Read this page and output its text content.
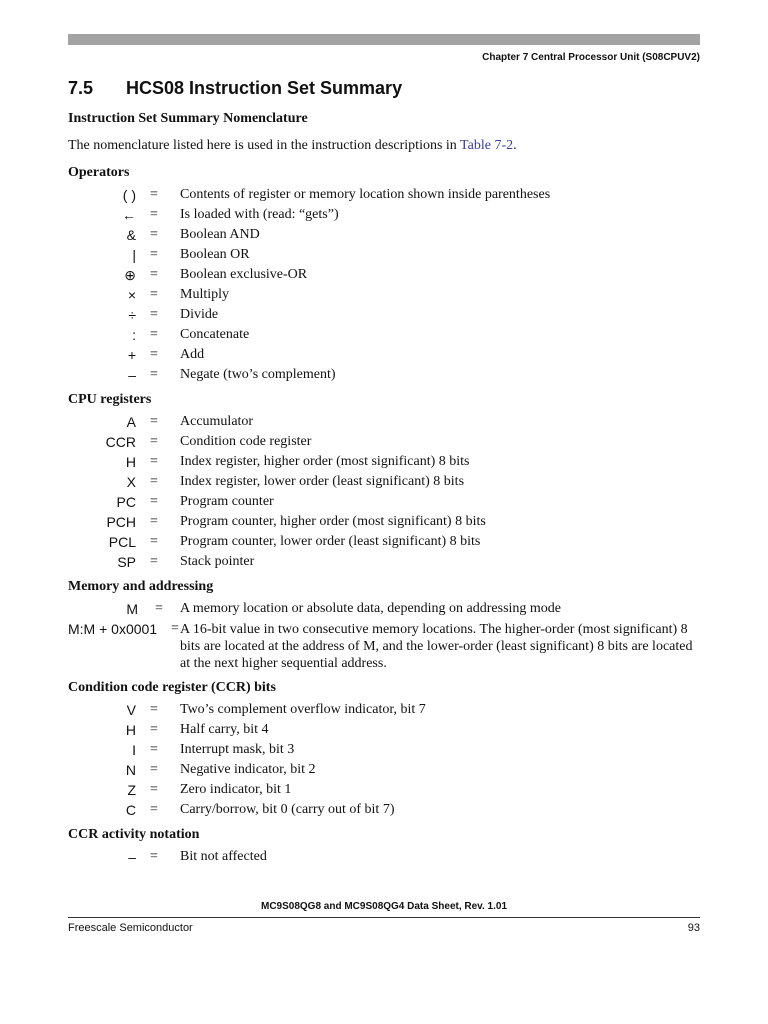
Chapter 7 Central Processor Unit (S08CPUV2)
7.5 HCS08 Instruction Set Summary
Instruction Set Summary Nomenclature
The nomenclature listed here is used in the instruction descriptions in Table 7-2.
Operators
( )	=	Contents of register or memory location shown inside parentheses
←	=	Is loaded with (read: “gets”)
&	=	Boolean AND
|	=	Boolean OR
⊕	=	Boolean exclusive-OR
×	=	Multiply
÷	=	Divide
:	=	Concatenate
+	=	Add
–	=	Negate (two’s complement)
CPU registers
A	=	Accumulator
CCR	=	Condition code register
H	=	Index register, higher order (most significant) 8 bits
X	=	Index register, lower order (least significant) 8 bits
PC	=	Program counter
PCH	=	Program counter, higher order (most significant) 8 bits
PCL	=	Program counter, lower order (least significant) 8 bits
SP	=	Stack pointer
Memory and addressing
M	=	A memory location or absolute data, depending on addressing mode
M:M + 0x0001 = A 16-bit value in two consecutive memory locations. The higher-order (most significant) 8 bits are located at the address of M, and the lower-order (least significant) 8 bits are located at the next higher sequential address.
Condition code register (CCR) bits
V	=	Two’s complement overflow indicator, bit 7
H	=	Half carry, bit 4
I	=	Interrupt mask, bit 3
N	=	Negative indicator, bit 2
Z	=	Zero indicator, bit 1
C	=	Carry/borrow, bit 0 (carry out of bit 7)
CCR activity notation
–	=	Bit not affected
MC9S08QG8 and MC9S08QG4 Data Sheet, Rev. 1.01
Freescale Semiconductor	93
